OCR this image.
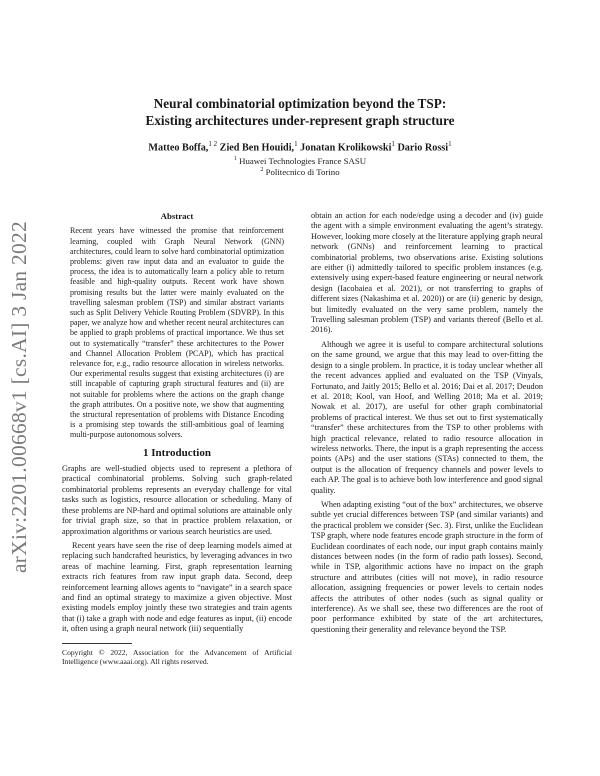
arXiv:2201.00668v1 [cs.AI] 3 Jan 2022
Neural combinatorial optimization beyond the TSP:
Existing architectures under-represent graph structure
Matteo Boffa,$^{1 2}$ Zied Ben Houidi,$^1$ Jonatan Krolikowski$^1$ Dario Rossi$^1$
$^1$ Huawei Technologies France SASU
$^2$ Politecnico di Torino

Abstract

Recent years have witnessed the promise that reinforcement learning, coupled with Graph Neural Network (GNN) architectures, could learn to solve hard combinatorial optimization problems: given raw input data and an evaluator to guide the process, the idea is to automatically learn a policy able to return feasible and high-quality outputs. Recent work have shown promising results but the latter were mainly evaluated on the travelling salesman problem (TSP) and similar abstract variants such as Split Delivery Vehicle Routing Problem (SDVRP). In this paper, we analyze how and whether recent neural architectures can be applied to graph problems of practical importance. We thus set out to systematically “transfer” these architectures to the Power and Channel Allocation Problem (PCAP), which has practical relevance for, e.g., radio resource allocation in wireless networks. Our experimental results suggest that existing architectures (i) are still incapable of capturing graph structural features and (ii) are not suitable for problems where the actions on the graph change the graph attributes. On a positive note, we show that augmenting the structural representation of problems with Distance Encoding is a promising step towards the still-ambitious goal of learning multi-purpose autonomous solvers.

1 Introduction

Graphs are well-studied objects used to represent a plethora of practical combinatorial problems. Solving such graph-related combinatorial problems represents an everyday challenge for vital tasks such as logistics, resource allocation or scheduling. Many of these problems are NP-hard and optimal solutions are attainable only for trivial graph size, so that in practice problem relaxation, or approximation algorithms or various search heuristics are used.

Recent years have seen the rise of deep learning models aimed at replacing such handcrafted heuristics, by leveraging advances in two areas of machine learning. First, graph representation learning extracts rich features from raw input graph data. Second, deep reinforcement learning allows agents to “navigate” in a search space and find an optimal strategy to maximize a given objective. Most existing models employ jointly these two strategies and train agents that (i) take a graph with node and edge features as input, (ii) encode it, often using a graph neural network (iii) sequentially

Copyright © 2022, Association for the Advancement of Artificial Intelligence (www.aaai.org). All rights reserved.

obtain an action for each node/edge using a decoder and (iv) guide the agent with a simple environment evaluating the agent’s strategy. However, looking more closely at the literature applying graph neural network (GNNs) and reinforcement learning to practical combinatorial problems, two observations arise. Existing solutions are either (i) admittedly tailored to specific problem instances (e.g. extensively using expert-based feature engineering or neural network design (Iacobaiea et al. 2021), or not transferring to graphs of different sizes (Nakashima et al. 2020)) or are (ii) generic by design, but limitedly evaluated on the very same problem, namely the Travelling salesman problem (TSP) and variants thereof (Bello et al. 2016).

Although we agree it is useful to compare architectural solutions on the same ground, we argue that this may lead to over-fitting the design to a single problem. In practice, it is today unclear whether all the recent advances applied and evaluated on the TSP (Vinyals, Fortunato, and Jaitly 2015; Bello et al. 2016; Dai et al. 2017; Deudon et al. 2018; Kool, van Hoof, and Welling 2018; Ma et al. 2019; Nowak et al. 2017), are useful for other graph combinatorial problems of practical interest. We thus set out to first systematically “transfer” these architectures from the TSP to other problems with high practical relevance, related to radio resource allocation in wireless networks. There, the input is a graph representing the access points (APs) and the user stations (STAs) connected to them, the output is the allocation of frequency channels and power levels to each AP. The goal is to achieve both low interference and good signal quality.

When adapting existing “out of the box” architectures, we observe subtle yet crucial differences between TSP (and similar variants) and the practical problem we consider (Sec. 3). First, unlike the Euclidean TSP graph, where node features encode graph structure in the form of Euclidean coordinates of each node, our input graph contains mainly distances between nodes (in the form of radio path losses). Second, while in TSP, algorithmic actions have no impact on the graph structure and attributes (cities will not move), in radio resource allocation, assigning frequencies or power levels to certain nodes affects the attributes of other nodes (such as signal quality or interference). As we shall see, these two differences are the root of poor performance exhibited by state of the art architectures, questioning their generality and relevance beyond the TSP.
